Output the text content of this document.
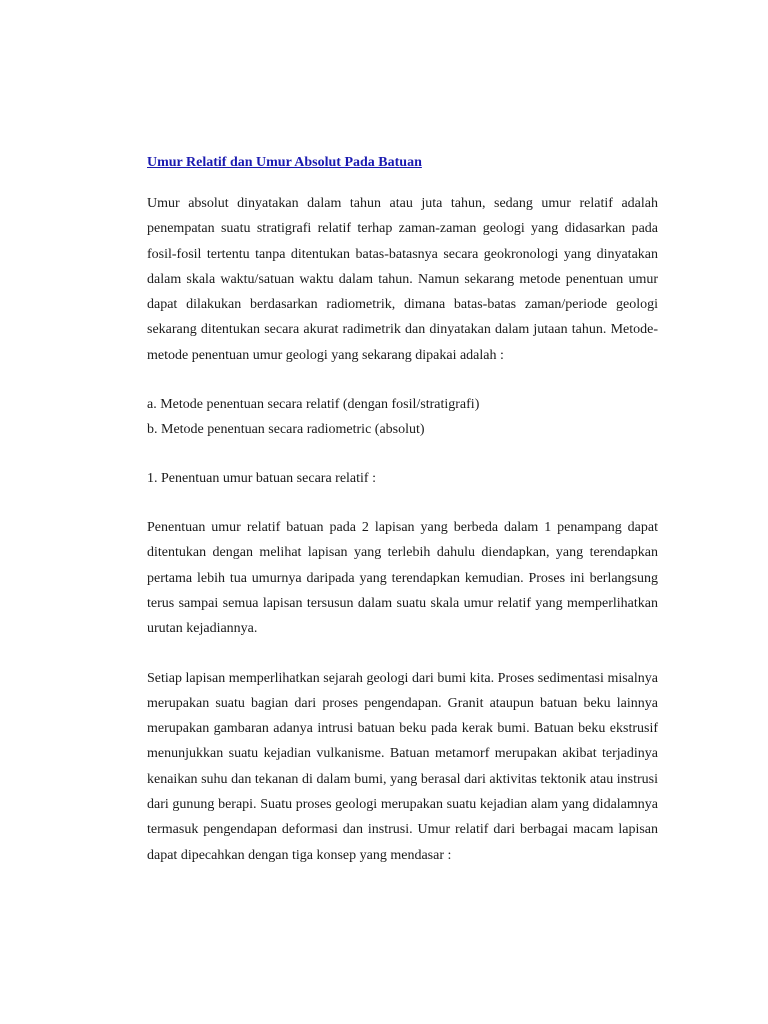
Umur Relatif dan Umur Absolut Pada Batuan

Umur absolut dinyatakan dalam tahun atau juta tahun, sedang umur relatif adalah penempatan suatu stratigrafi relatif terhap zaman-zaman geologi yang didasarkan pada fosil-fosil tertentu tanpa ditentukan batas-batasnya secara geokronologi yang dinyatakan dalam skala waktu/satuan waktu dalam tahun. Namun sekarang metode penentuan umur dapat dilakukan berdasarkan radiometrik, dimana batas-batas zaman/periode geologi sekarang ditentukan secara akurat radimetrik dan dinyatakan dalam jutaan tahun. Metode-metode penentuan umur geologi yang sekarang dipakai adalah :

a. Metode penentuan secara relatif (dengan fosil/stratigrafi)

b. Metode penentuan secara radiometric (absolut)

1. Penentuan umur batuan secara relatif :

Penentuan umur relatif batuan pada 2 lapisan yang berbeda dalam 1 penampang dapat ditentukan dengan melihat lapisan yang terlebih dahulu diendapkan, yang terendapkan pertama lebih tua umurnya daripada yang terendapkan kemudian. Proses ini berlangsung terus sampai semua lapisan tersusun dalam suatu skala umur relatif yang memperlihatkan urutan kejadiannya.

Setiap lapisan memperlihatkan sejarah geologi dari bumi kita. Proses sedimentasi misalnya merupakan suatu bagian dari proses pengendapan. Granit ataupun batuan beku lainnya merupakan gambaran adanya intrusi batuan beku pada kerak bumi. Batuan beku ekstrusif menunjukkan suatu kejadian vulkanisme. Batuan metamorf merupakan akibat terjadinya kenaikan suhu dan tekanan di dalam bumi, yang berasal dari aktivitas tektonik atau instrusi dari gunung berapi. Suatu proses geologi merupakan suatu kejadian alam yang didalamnya termasuk pengendapan deformasi dan instrusi. Umur relatif dari berbagai macam lapisan dapat dipecahkan dengan tiga konsep yang mendasar :
